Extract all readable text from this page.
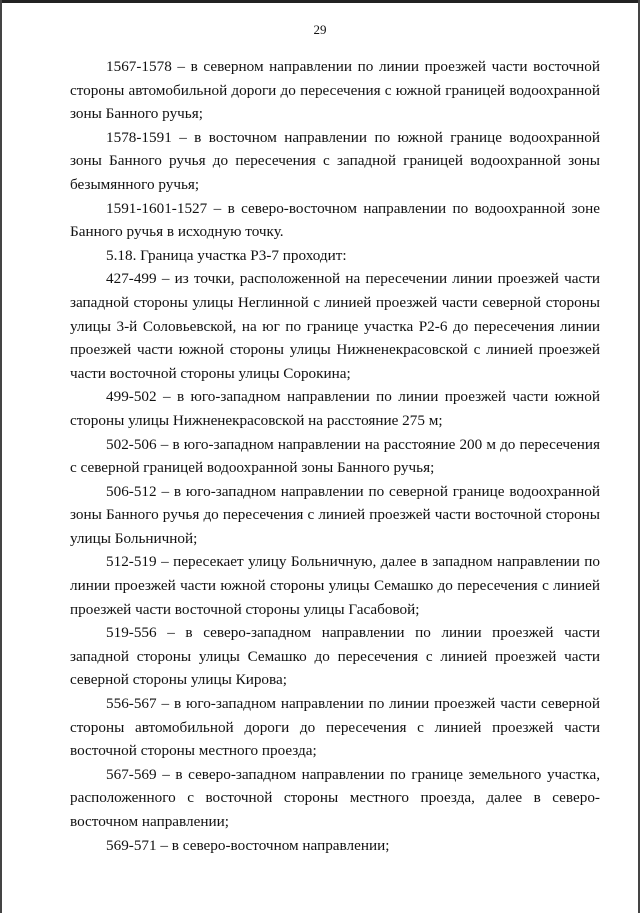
29

1567-1578 – в северном направлении по линии проезжей части восточной стороны автомобильной дороги до пересечения с южной границей водоохранной зоны Банного ручья;

1578-1591 – в восточном направлении по южной границе водоохранной зоны Банного ручья до пересечения с западной границей водоохранной зоны безымянного ручья;

1591-1601-1527 – в северо-восточном направлении по водоохранной зоне Банного ручья в исходную точку.

5.18. Граница участка Р3-7 проходит:

427-499 – из точки, расположенной на пересечении линии проезжей части западной стороны улицы Неглинной с линией проезжей части северной стороны улицы 3-й Соловьевской, на юг по границе участка Р2-6 до пересечения линии проезжей части южной стороны улицы Нижненекрасовской с линией проезжей части восточной стороны улицы Сорокина;

499-502 – в юго-западном направлении по линии проезжей части южной стороны улицы Нижненекрасовской на расстояние 275 м;

502-506 – в юго-западном направлении на расстояние 200 м до пересечения с северной границей водоохранной зоны Банного ручья;

506-512 – в юго-западном направлении по северной границе водоохранной зоны Банного ручья до пересечения с линией проезжей части восточной стороны улицы Больничной;

512-519 – пересекает улицу Больничную, далее в западном направлении по линии проезжей части южной стороны улицы Семашко до пересечения с линией проезжей части восточной стороны улицы Гасабовой;

519-556 – в северо-западном направлении по линии проезжей части западной стороны улицы Семашко до пересечения с линией проезжей части северной стороны улицы Кирова;

556-567 – в юго-западном направлении по линии проезжей части северной стороны автомобильной дороги до пересечения с линией проезжей части восточной стороны местного проезда;

567-569 – в северо-западном направлении по границе земельного участка, расположенного с восточной стороны местного проезда, далее в северо-восточном направлении;

569-571 – в северо-восточном направлении;
